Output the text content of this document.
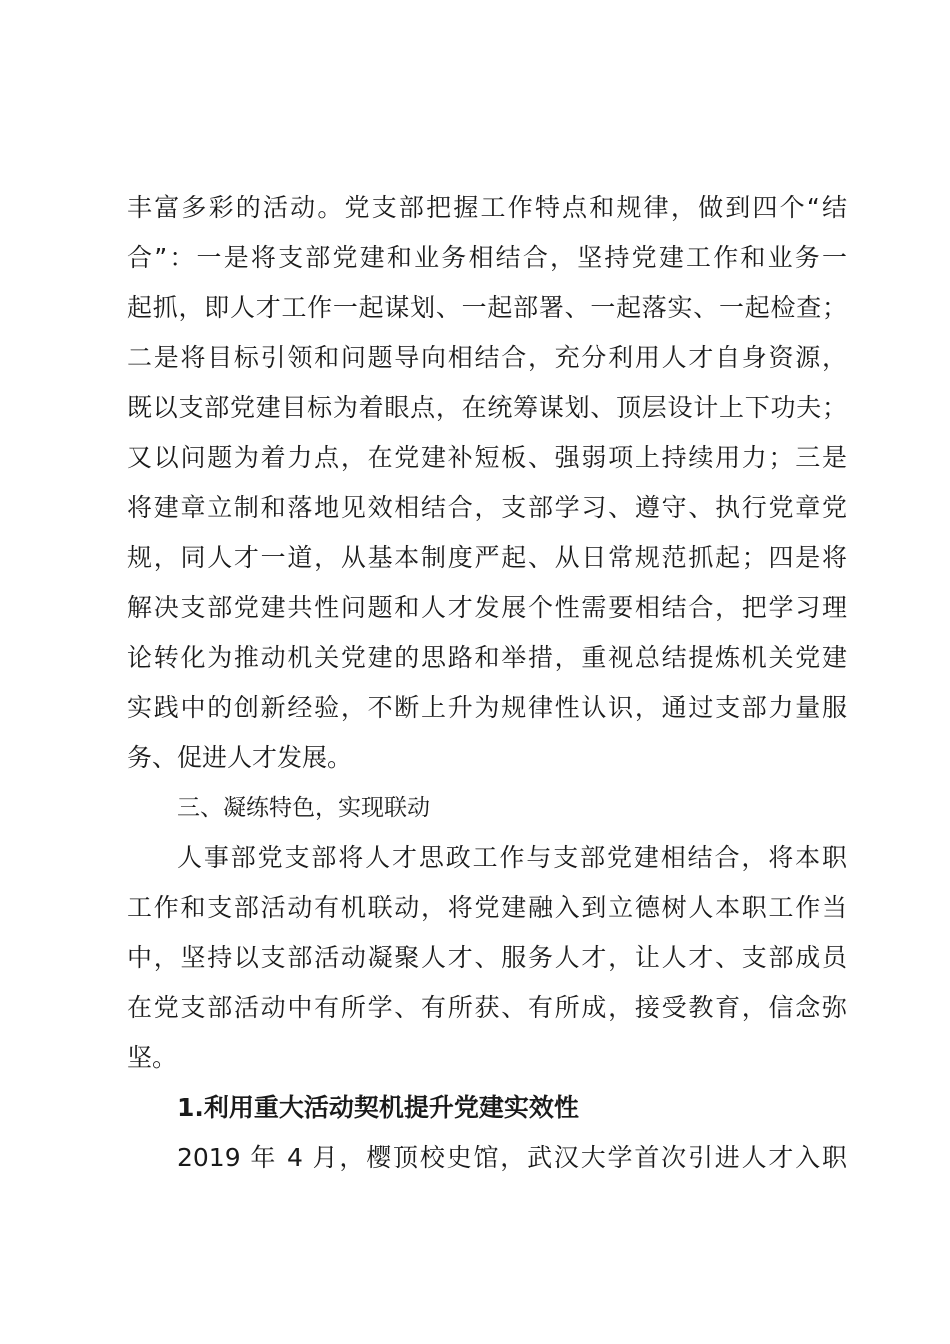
丰富多彩的活动。党支部把握工作特点和规律，做到四个“结
合”：一是将支部党建和业务相结合，坚持党建工作和业务一
起抓，即人才工作一起谋划、一起部署、一起落实、一起检查；
二是将目标引领和问题导向相结合，充分利用人才自身资源，
既以支部党建目标为着眼点，在统筹谋划、顶层设计上下功夫；
又以问题为着力点，在党建补短板、强弱项上持续用力；三是
将建章立制和落地见效相结合，支部学习、遵守、执行党章党
规，同人才一道，从基本制度严起、从日常规范抓起；四是将
解决支部党建共性问题和人才发展个性需要相结合，把学习理
论转化为推动机关党建的思路和举措，重视总结提炼机关党建
实践中的创新经验，不断上升为规律性认识，通过支部力量服
务、促进人才发展。
三、凝练特色，实现联动
人事部党支部将人才思政工作与支部党建相结合，将本职
工作和支部活动有机联动，将党建融入到立德树人本职工作当
中，坚持以支部活动凝聚人才、服务人才，让人才、支部成员
在党支部活动中有所学、有所获、有所成，接受教育，信念弥
坚。
1.利用重大活动契机提升党建实效性
2019 年 4 月，樱顶校史馆，武汉大学首次引进人才入职
